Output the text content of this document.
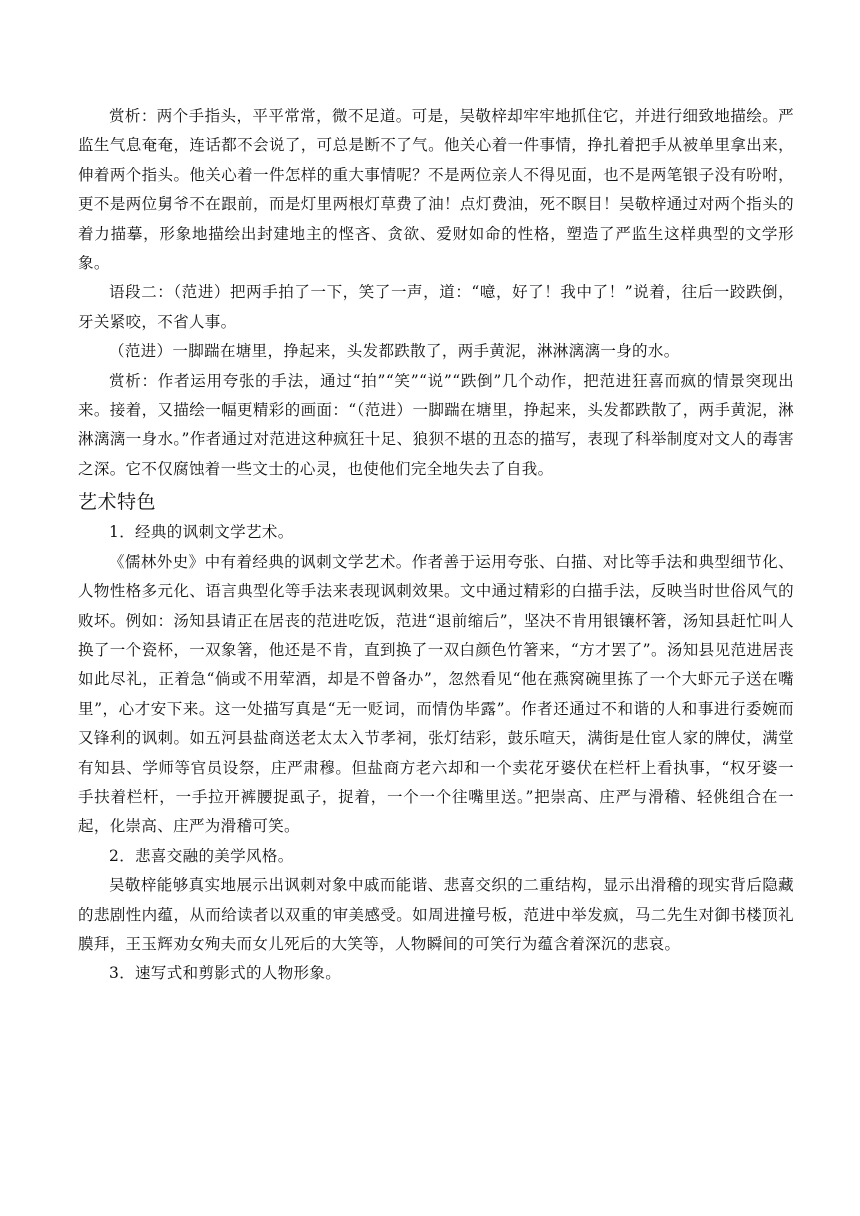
赏析：两个手指头，平平常常，微不足道。可是，吴敬梓却牢牢地抓住它，并进行细致地描绘。严监生气息奄奄，连话都不会说了，可总是断不了气。他关心着一件事情，挣扎着把手从被单里拿出来，伸着两个指头。他关心着一件怎样的重大事情呢？不是两位亲人不得见面，也不是两笔银子没有吩咐，更不是两位舅爷不在跟前，而是灯里两根灯草费了油！点灯费油，死不瞑目！吴敬梓通过对两个指头的着力描摹，形象地描绘出封建地主的悭吝、贪欲、爱财如命的性格，塑造了严监生这样典型的文学形象。

语段二：（范进）把两手拍了一下，笑了一声，道：“噫，好了！我中了！”说着，往后一跤跌倒，牙关紧咬，不省人事。

（范进）一脚踹在塘里，挣起来，头发都跌散了，两手黄泥，淋淋漓漓一身的水。

赏析：作者运用夸张的手法，通过“拍”“笑”“说”“跌倒”几个动作，把范进狂喜而疯的情景突现出来。接着，又描绘一幅更精彩的画面：“（范进）一脚踹在塘里，挣起来，头发都跌散了，两手黄泥，淋淋漓漓一身水。”作者通过对范进这种疯狂十足、狼狈不堪的丑态的描写，表现了科举制度对文人的毒害之深。它不仅腐蚀着一些文士的心灵，也使他们完全地失去了自我。

艺术特色

1．经典的讽刺文学艺术。

《儒林外史》中有着经典的讽刺文学艺术。作者善于运用夸张、白描、对比等手法和典型细节化、人物性格多元化、语言典型化等手法来表现讽刺效果。文中通过精彩的白描手法，反映当时世俗风气的败坏。例如：汤知县请正在居丧的范进吃饭，范进“退前缩后”，坚决不肯用银镶杯箸，汤知县赶忙叫人换了一个瓷杯，一双象箸，他还是不肯，直到换了一双白颜色竹箸来，“方才罢了”。汤知县见范进居丧如此尽礼，正着急“倘或不用荤酒，却是不曾备办”，忽然看见“他在燕窝碗里拣了一个大虾元子送在嘴里”，心才安下来。这一处描写真是“无一贬词，而情伪毕露”。作者还通过不和谐的人和事进行委婉而又锋利的讽刺。如五河县盐商送老太太入节孝祠，张灯结彩，鼓乐喧天，满街是仕宦人家的牌仗，满堂有知县、学师等官员设祭，庄严肃穆。但盐商方老六却和一个卖花牙婆伏在栏杆上看执事，“权牙婆一手扶着栏杆，一手拉开裤腰捉虱子，捉着，一个一个往嘴里送。”把崇高、庄严与滑稽、轻佻组合在一起，化崇高、庄严为滑稽可笑。

2．悲喜交融的美学风格。

吴敬梓能够真实地展示出讽刺对象中戚而能谐、悲喜交织的二重结构，显示出滑稽的现实背后隐藏的悲剧性内蕴，从而给读者以双重的审美感受。如周进撞号板，范进中举发疯，马二先生对御书楼顶礼膜拜，王玉辉劝女殉夫而女儿死后的大笑等，人物瞬间的可笑行为蕴含着深沉的悲哀。

3．速写式和剪影式的人物形象。
